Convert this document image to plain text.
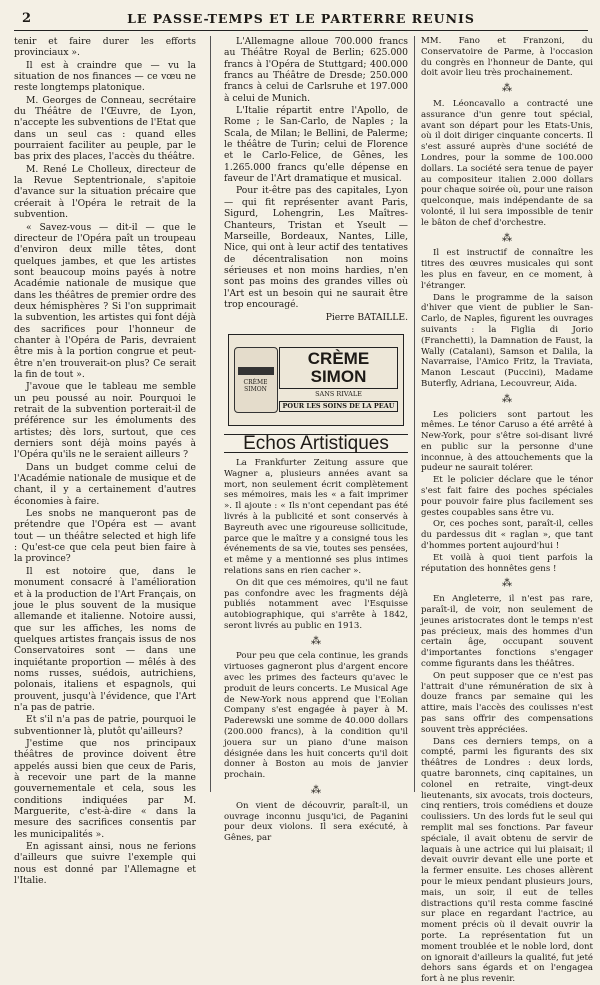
2	LE PASSE-TEMPS ET LE PARTERRE REUNIS

tenir et faire durer les efforts provinciaux ».

Il est à craindre que — vu la situation de nos finances — ce vœu ne reste longtemps platonique.

M. Georges de Conneau, secrétaire du Théâtre de l'Œuvre, de Lyon, n'accepte les subventions de l'Etat que dans un seul cas : quand elles pourraient faciliter au peuple, par le bas prix des places, l'accès du théâtre.

M. René Le Cholleux, directeur de la Revue Septentrionale, s'apitoie d'avance sur la situation précaire que créerait à l'Opéra le retrait de la subvention.

« Savez-vous — dit-il — que le directeur de l'Opéra paît un troupeau d'environ deux mille têtes, dont quelques jambes, et que les artistes sont beaucoup moins payés à notre Académie nationale de musique que dans les théâtres de premier ordre des deux hémisphères ? Si l'on supprimait la subvention, les artistes qui font déjà des sacrifices pour l'honneur de chanter à l'Opéra de Paris, devraient être mis à la portion congrue et peut-être n'en trouverait-on plus? Ce serait la fin de tout ».

J'avoue que le tableau me semble un peu poussé au noir. Pourquoi le retrait de la subvention porterait-il de préférence sur les émoluments des artistes; dès lors, surtout, que ces derniers sont déjà moins payés à l'Opéra qu'ils ne le seraient ailleurs ?

Dans un budget comme celui de l'Académie nationale de musique et de chant, il y a certainement d'autres économies à faire.

Les snobs ne manqueront pas de prétendre que l'Opéra est — avant tout — un théâtre selected et high life : Qu'est-ce que cela peut bien faire à la province?

Il est notoire que, dans le monument consacré à l'amélioration et à la production de l'Art Français, on joue le plus souvent de la musique allemande et italienne. Notoire aussi, que sur les affiches, les noms de quelques artistes français issus de nos Conservatoires sont — dans une inquiétante proportion — mêlés à des noms russes, suédois, autrichiens, polonais, italiens et espagnols, qui prouvent, jusqu'à l'évidence, que l'Art n'a pas de patrie.

Et s'il n'a pas de patrie, pourquoi le subventionner là, plutôt qu'ailleurs?

J'estime que nos principaux théâtres de province doivent être appelés aussi bien que ceux de Paris, à recevoir une part de la manne gouvernementale et cela, sous les conditions indiquées par M. Marguerite, c'est-à-dire « dans la mesure des sacrifices consentis par les municipalités ».

En agissant ainsi, nous ne ferions d'ailleurs que suivre l'exemple qui nous est donné par l'Allemagne et l'Italie.

L'Allemagne alloue 700.000 francs au Théâtre Royal de Berlin; 625.000 francs à l'Opéra de Stuttgard; 400.000 francs au Théâtre de Dresde; 250.000 francs à celui de Carlsruhe et 197.000 à celui de Munich.

L'Italie répartit entre l'Apollo, de Rome ; le San-Carlo, de Naples ; la Scala, de Milan; le Bellini, de Palerme; le théâtre de Turin; celui de Florence et le Carlo-Felice, de Gênes, les 1.265.000 francs qu'elle dépense en faveur de l'Art dramatique et musical.

Pour it-être pas des capitales, Lyon — qui fit représenter avant Paris, Sigurd, Lohengrin, Les Maîtres-Chanteurs, Tristan et Yseult — Marseille, Bordeaux, Nantes, Lille, Nice, qui ont à leur actif des tentatives de décentralisation non moins sérieuses et non moins hardies, n'en sont pas moins des grandes villes où l'Art est un besoin qui ne saurait être trop encouragé.

Pierre BATAILLE.

CRÈME SIMON
CRÈME
SIMON
SANS RIVALE
POUR LES SOINS DE LA PEAU
Echos Artistiques

La Frankfurter Zeitung assure que Wagner a, plusieurs années avant sa mort, non seulement écrit complètement ses mémoires, mais les « a fait imprimer ». Il ajoute : « Ils n'ont cependant pas été livrés à la publicité et sont conservés à Bayreuth avec une rigoureuse sollicitude, parce que le maître y a consigné tous les événements de sa vie, toutes ses pensées, et même y a mentionné ses plus intimes relations sans en rien cacher ».

On dit que ces mémoires, qu'il ne faut pas confondre avec les fragments déjà publiés notamment avec l'Esquisse autobiographique, qui s'arrête à 1842, seront livrés au public en 1913.

⁂

Pour peu que cela continue, les grands virtuoses gagneront plus d'argent encore avec les primes des facteurs qu'avec le produit de leurs concerts. Le Musical Age de New-York nous apprend que l'Eolian Company s'est engagée à payer à M. Paderewski une somme de 40.000 dollars (200.000 francs), à la condition qu'il jouera sur un piano d'une maison désignée dans les huit concerts qu'il doit donner à Boston au mois de janvier prochain.

⁂

On vient de découvrir, paraît-il, un ouvrage inconnu jusqu'ici, de Paganini pour deux violons. Il sera exécuté, à Gênes, par

MM. Fano et Franzoni, du Conservatoire de Parme, à l'occasion du congrès en l'honneur de Dante, qui doit avoir lieu très prochainement.

⁂

M. Léoncavallo a contracté une assurance d'un genre tout spécial, avant son départ pour les Etats-Unis, où il doit diriger cinquante concerts. Il s'est assuré auprès d'une société de Londres, pour la somme de 100.000 dollars. La société sera tenue de payer au compositeur italien 2.000 dollars pour chaque soirée où, pour une raison quelconque, mais indépendante de sa volonté, il lui sera impossible de tenir le bâton de chef d'orchestre.

⁂

Il est instructif de connaître les titres des œuvres musicales qui sont les plus en faveur, en ce moment, à l'étranger.

Dans le programme de la saison d'hiver que vient de publier le San-Carlo, de Naples, figurent les ouvrages suivants : la Figlia di Jorio (Franchetti), la Damnation de Faust, la Wally (Catalani), Samson et Dalila, la Navarraise, l'Amico Fritz, la Traviata, Manon Lescaut (Puccini), Madame Buterfly, Adriana, Lecouvreur, Aida.

⁂

Les policiers sont partout les mêmes. Le ténor Caruso a été arrêté à New-York, pour s'être soi-disant livré en public sur la personne d'une inconnue, à des attouchements que la pudeur ne saurait tolérer.

Et le policier déclare que le ténor s'est fait faire des poches spéciales pour pouvoir faire plus facilement ses gestes coupables sans être vu.

Or, ces poches sont, paraît-il, celles du pardessus dit « raglan », que tant d'hommes portent aujourd'hui !

Et voilà à quoi tient parfois la réputation des honnêtes gens !

⁂

En Angleterre, il n'est pas rare, paraît-il, de voir, non seulement de jeunes aristocrates dont le temps n'est pas précieux, mais des hommes d'un certain âge, occupant souvent d'importantes fonctions s'engager comme figurants dans les théâtres.

On peut supposer que ce n'est pas l'attrait d'une rémunération de six à douze francs par semaine qui les attire, mais l'accès des coulisses n'est pas sans offrir des compensations souvent très appréciées.

Dans ces derniers temps, on a compté, parmi les figurants des six théâtres de Londres : deux lords, quatre baronnets, cinq capitaines, un colonel en retraite, vingt-deux lieutenants, six avocats, trois docteurs, cinq rentiers, trois comédiens et douze coulissiers. Un des lords fut le seul qui remplit mal ses fonctions. Par faveur spéciale, il avait obtenu de servir de laquais à une actrice qui lui plaisait; il devait ouvrir devant elle une porte et la fermer ensuite. Les choses allèrent pour le mieux pendant plusieurs jours, mais, un soir, il eut de telles distractions qu'il resta comme fasciné sur place en regardant l'actrice, au moment précis où il devait ouvrir la porte. La représentation fut un moment troublée et le noble lord, dont on ignorait d'ailleurs la qualité, fut jeté dehors sans égards et on l'engagea fort à ne plus revenir.
